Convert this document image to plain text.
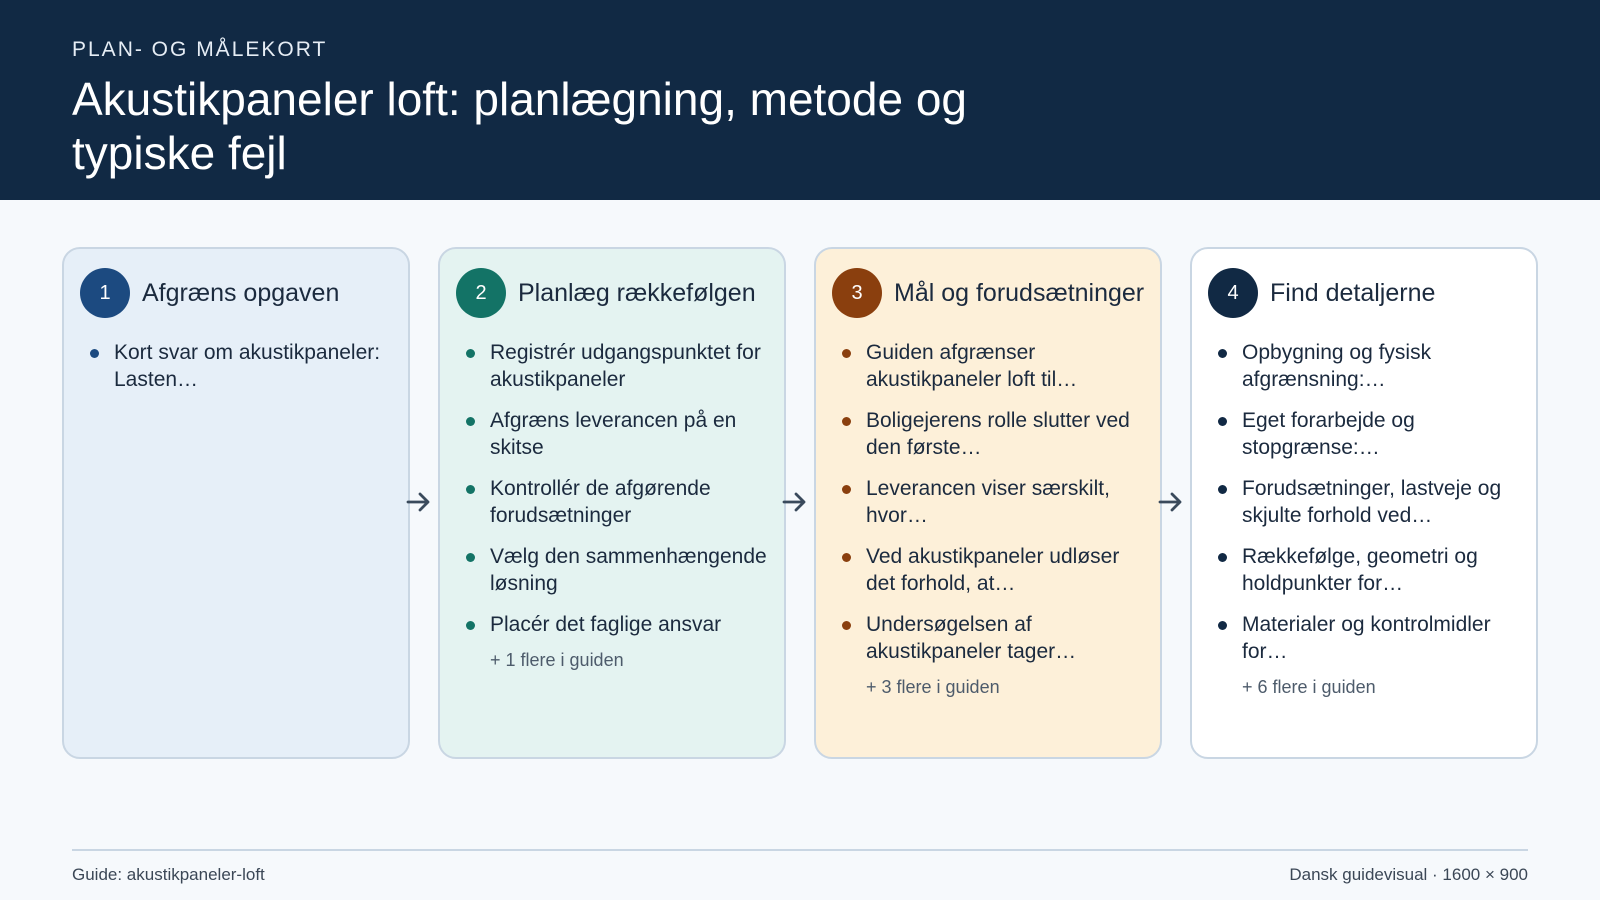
PLAN- OG MÅLEKORT
Akustikpaneler loft: planlægning, metode og typiske fejl
1	Afgræns opgaven
Kort svar om akustikpaneler: Lasten…
2	Planlæg rækkefølgen
Registrér udgangspunktet for akustikpaneler
Afgræns leverancen på en skitse
Kontrollér de afgørende forudsætninger
Vælg den sammenhængende løsning
Placér det faglige ansvar
+ 1 flere i guiden
3	Mål og forudsætninger
Guiden afgrænser akustikpaneler loft til…
Boligejerens rolle slutter ved den første…
Leverancen viser særskilt, hvor…
Ved akustikpaneler udløser det forhold, at…
Undersøgelsen af akustikpaneler tager…
+ 3 flere i guiden
4	Find detaljerne
Opbygning og fysisk afgrænsning:…
Eget forarbejde og stopgrænse:…
Forudsætninger, lastveje og skjulte forhold ved…
Rækkefølge, geometri og holdpunkter for…
Materialer og kontrolmidler for…
+ 6 flere i guiden
Guide: akustikpaneler-loft	Dansk guidevisual · 1600 × 900
